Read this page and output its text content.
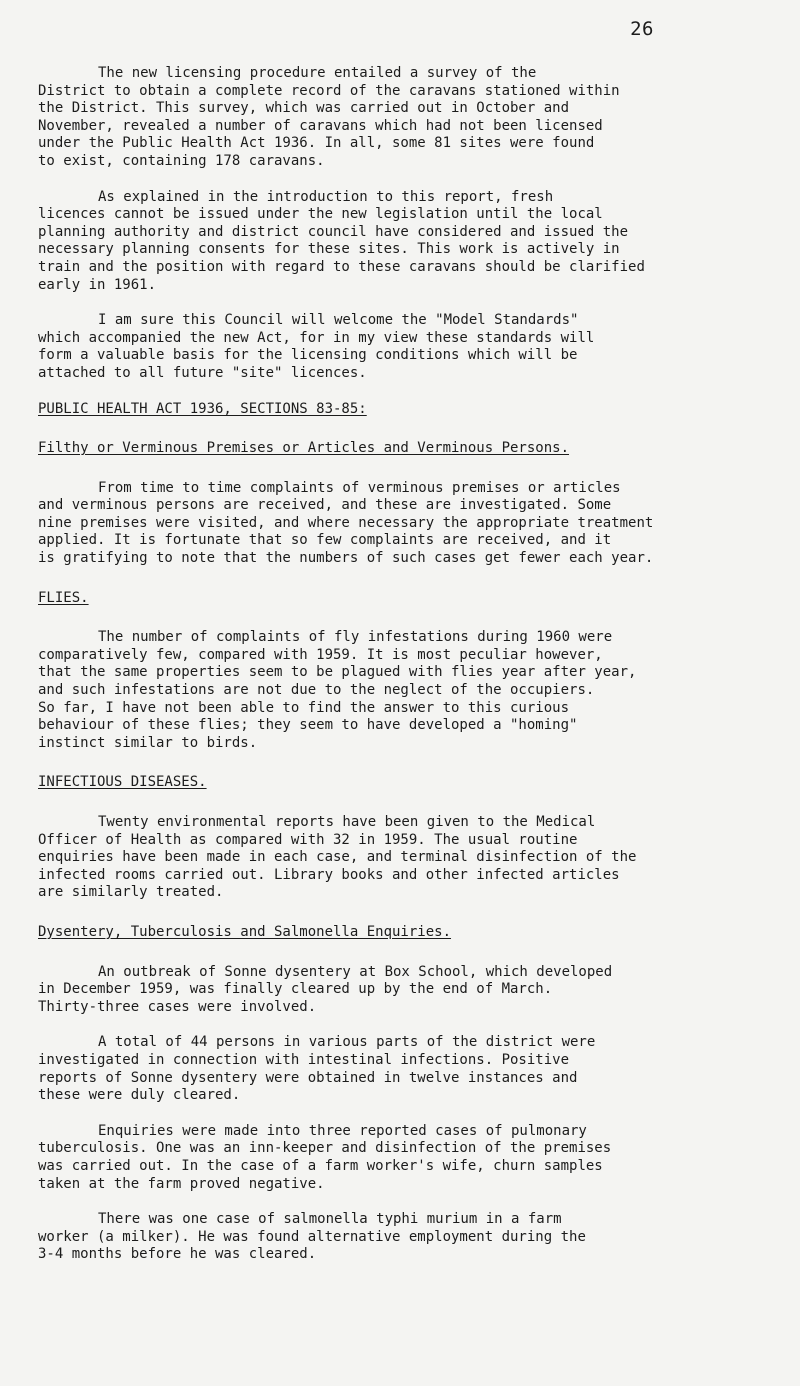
26

The new licensing procedure entailed a survey of the
District to obtain a complete record of the caravans stationed within
the District. This survey, which was carried out in October and
November, revealed a number of caravans which had not been licensed
under the Public Health Act 1936. In all, some 81 sites were found
to exist, containing 178 caravans.

As explained in the introduction to this report, fresh
licences cannot be issued under the new legislation until the local
planning authority and district council have considered and issued the
necessary planning consents for these sites. This work is actively in
train and the position with regard to these caravans should be clarified
early in 1961.

I am sure this Council will welcome the "Model Standards"
which accompanied the new Act, for in my view these standards will
form a valuable basis for the licensing conditions which will be
attached to all future "site" licences.

PUBLIC HEALTH ACT 1936, SECTIONS 83-85:
Filthy or Verminous Premises or Articles and Verminous Persons.

From time to time complaints of verminous premises or articles
and verminous persons are received, and these are investigated. Some
nine premises were visited, and where necessary the appropriate treatment
applied. It is fortunate that so few complaints are received, and it
is gratifying to note that the numbers of such cases get fewer each year.

FLIES.

The number of complaints of fly infestations during 1960 were
comparatively few, compared with 1959. It is most peculiar however,
that the same properties seem to be plagued with flies year after year,
and such infestations are not due to the neglect of the occupiers.
So far, I have not been able to find the answer to this curious
behaviour of these flies; they seem to have developed a "homing"
instinct similar to birds.

INFECTIOUS DISEASES.

Twenty environmental reports have been given to the Medical
Officer of Health as compared with 32 in 1959. The usual routine
enquiries have been made in each case, and terminal disinfection of the
infected rooms carried out. Library books and other infected articles
are similarly treated.

Dysentery, Tuberculosis and Salmonella Enquiries.

An outbreak of Sonne dysentery at Box School, which developed
in December 1959, was finally cleared up by the end of March.
Thirty-three cases were involved.

A total of 44 persons in various parts of the district were
investigated in connection with intestinal infections. Positive
reports of Sonne dysentery were obtained in twelve instances and
these were duly cleared.

Enquiries were made into three reported cases of pulmonary
tuberculosis. One was an inn-keeper and disinfection of the premises
was carried out. In the case of a farm worker's wife, churn samples
taken at the farm proved negative.

There was one case of salmonella typhi murium in a farm
worker (a milker). He was found alternative employment during the
3-4 months before he was cleared.
